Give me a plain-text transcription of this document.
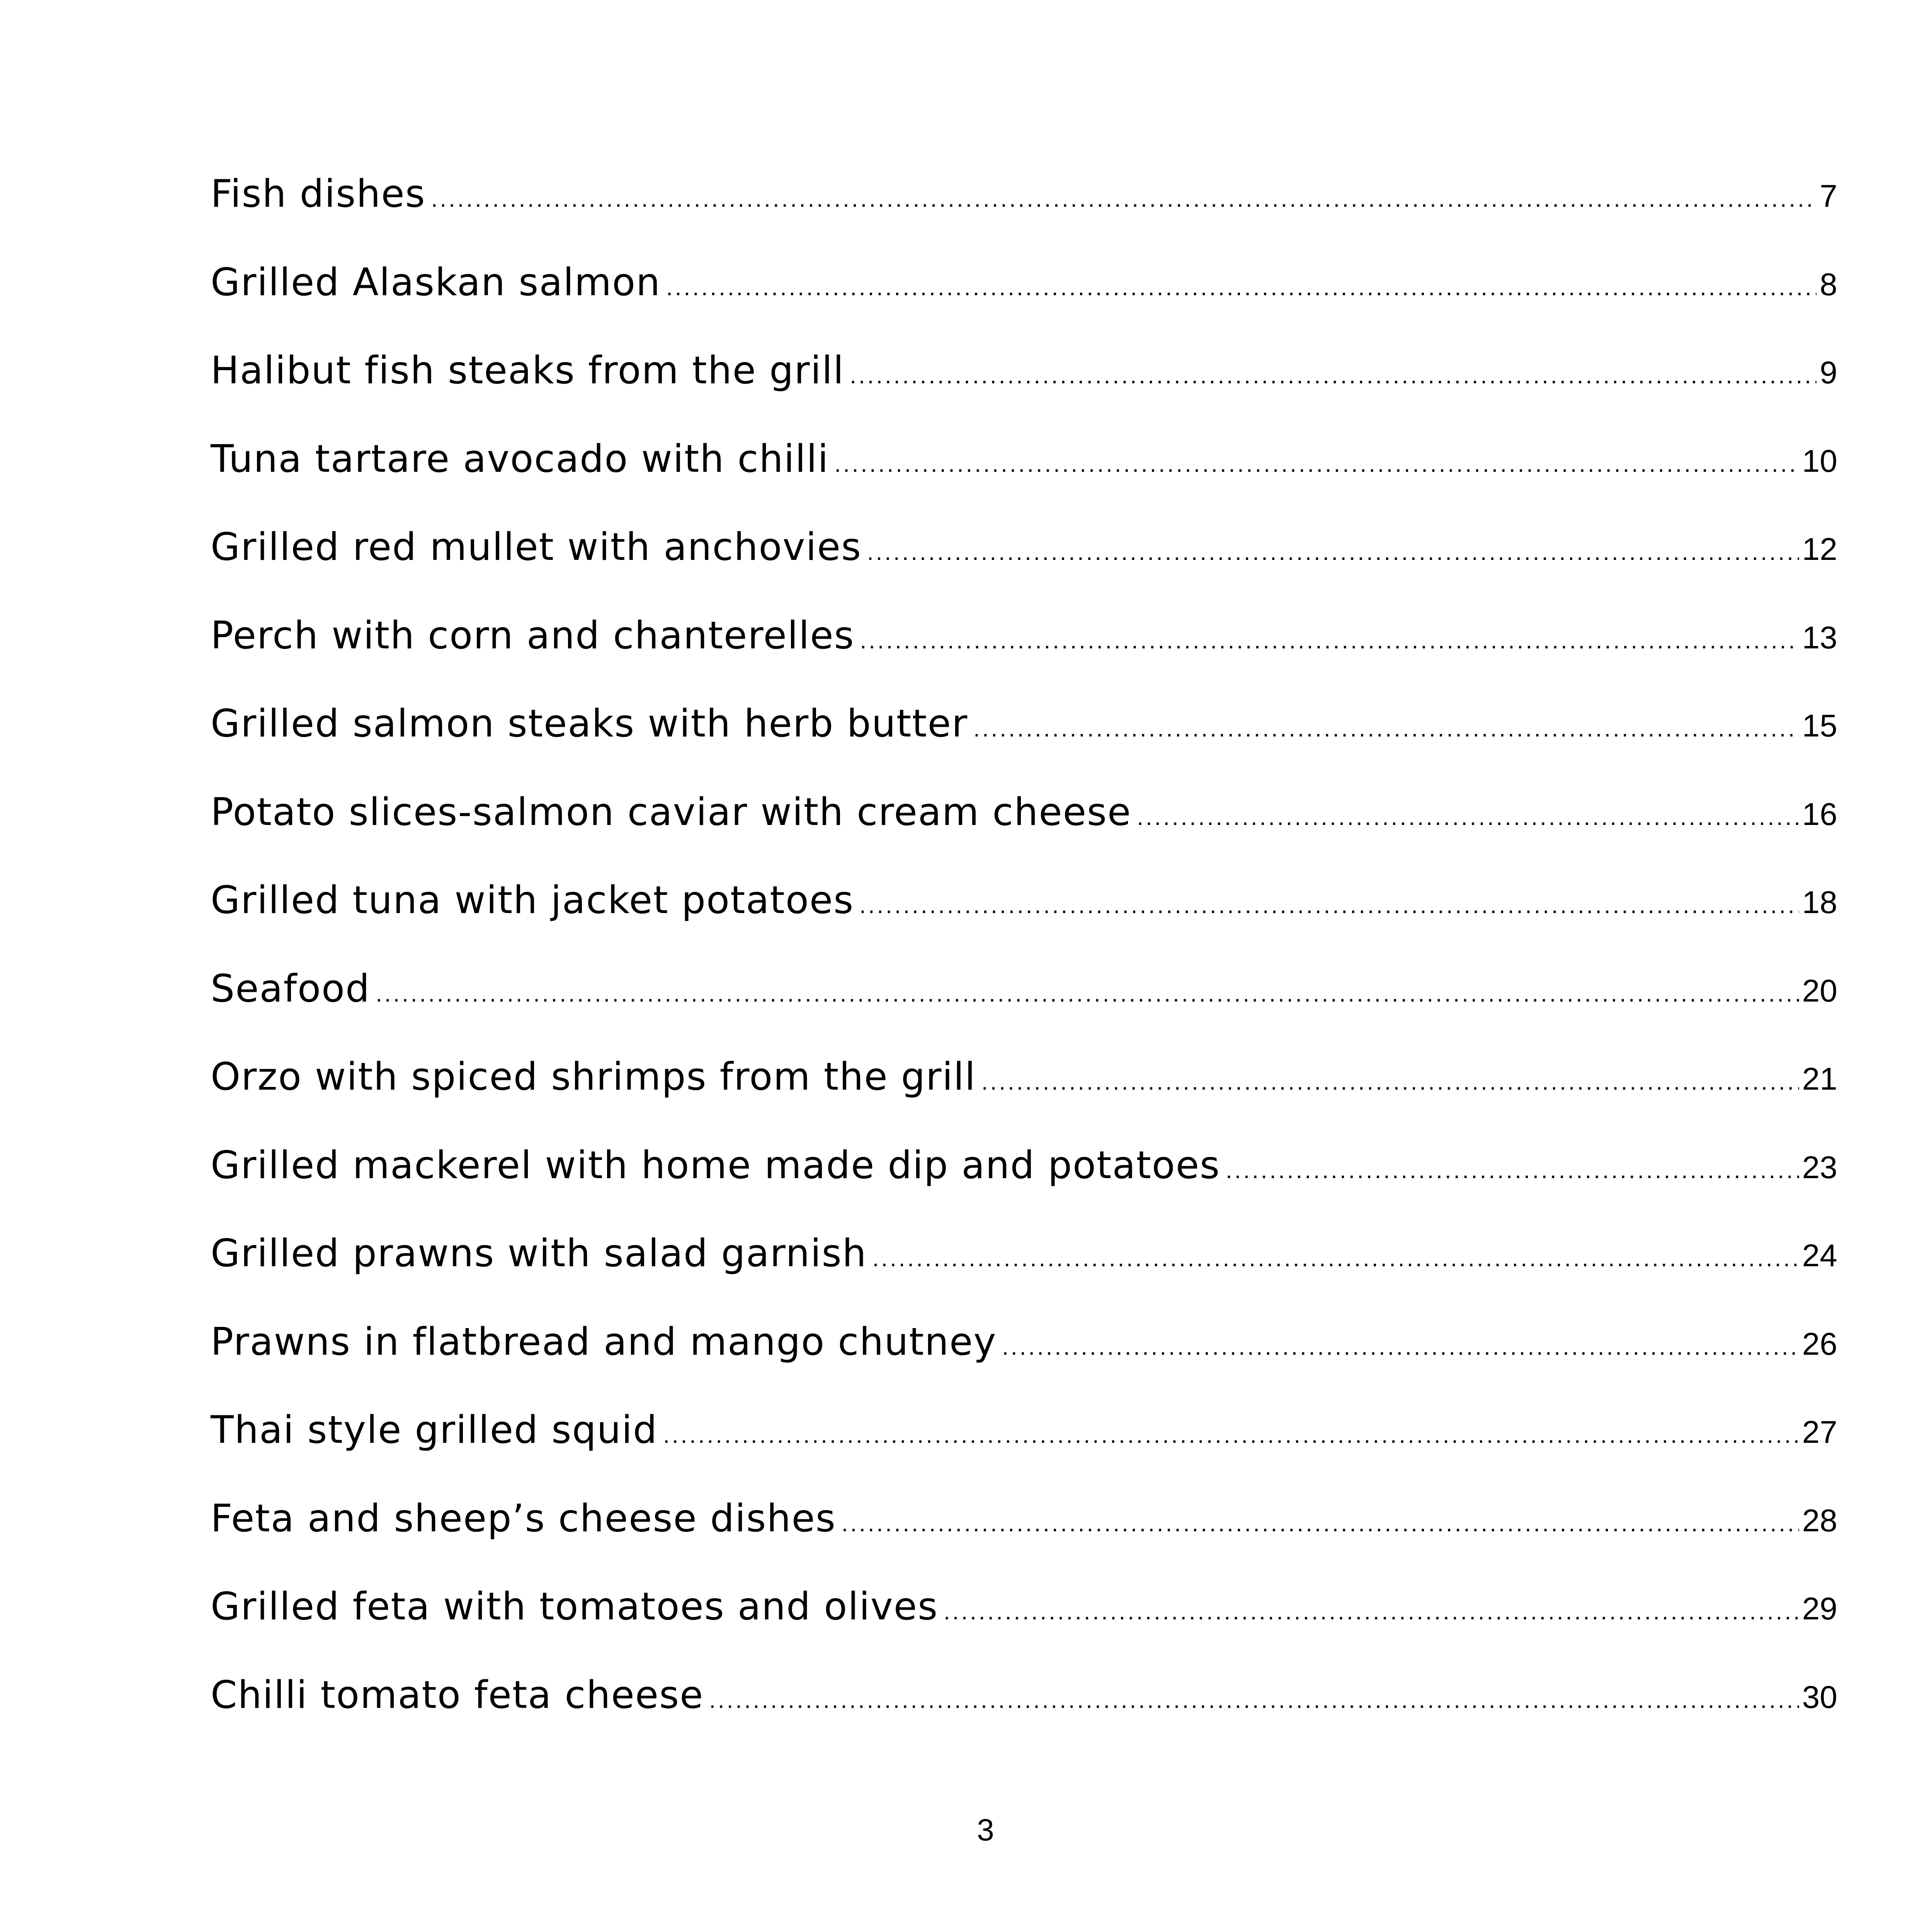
Fish dishes .....	7
Grilled Alaskan salmon .....	8
Halibut fish steaks from the grill .....	9
Tuna tartare avocado with chilli .....	10
Grilled red mullet with anchovies .....	12
Perch with corn and chanterelles .....	13
Grilled salmon steaks with herb butter .....	15
Potato slices-salmon caviar with cream cheese .....	16
Grilled tuna with jacket potatoes .....	18
Seafood .....	20
Orzo with spiced shrimps from the grill .....	21
Grilled mackerel with home made dip and potatoes .....	23
Grilled prawns with salad garnish .....	24
Prawns in flatbread and mango chutney .....	26
Thai style grilled squid .....	27
Feta and sheep’s cheese dishes .....	28
Grilled feta with tomatoes and olives .....	29
Chilli tomato feta cheese .....	30
3
